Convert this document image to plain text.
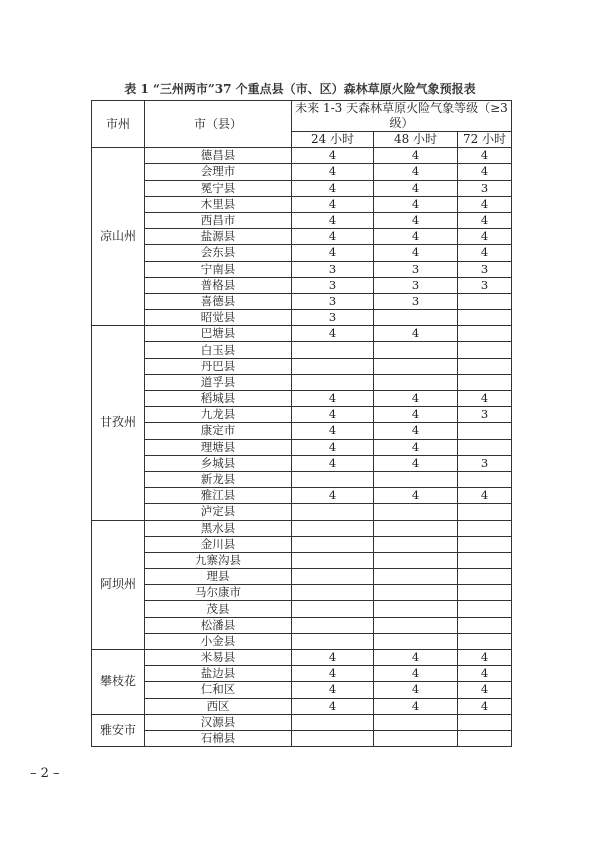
表 1 “三州两市”37 个重点县（市、区）森林草原火险气象预报表
市州	市（县）	未来 1-3 天森林草原火险气象等级（≥3 级）		
		24 小时	48 小时	72 小时
凉山州	德昌县	4	4	4
	会理市	4	4	4
	冕宁县	4	4	3
	木里县	4	4	4
	西昌市	4	4	4
	盐源县	4	4	4
	会东县	4	4	4
	宁南县	3	3	3
	普格县	3	3	3
	喜德县	3	3	
	昭觉县	3		
甘孜州	巴塘县	4	4	
	白玉县			
	丹巴县			
	道孚县			
	稻城县	4	4	4
	九龙县	4	4	3
	康定市	4	4	
	理塘县	4	4	
	乡城县	4	4	3
	新龙县			
	雅江县	4	4	4
	泸定县			
阿坝州	黑水县			
	金川县			
	九寨沟县			
	理县			
	马尔康市			
	茂县			
	松潘县			
	小金县			
攀枝花	米易县	4	4	4
	盐边县	4	4	4
	仁和区	4	4	4
	西区	4	4	4
雅安市	汉源县			
	石棉县			
– 2 –
